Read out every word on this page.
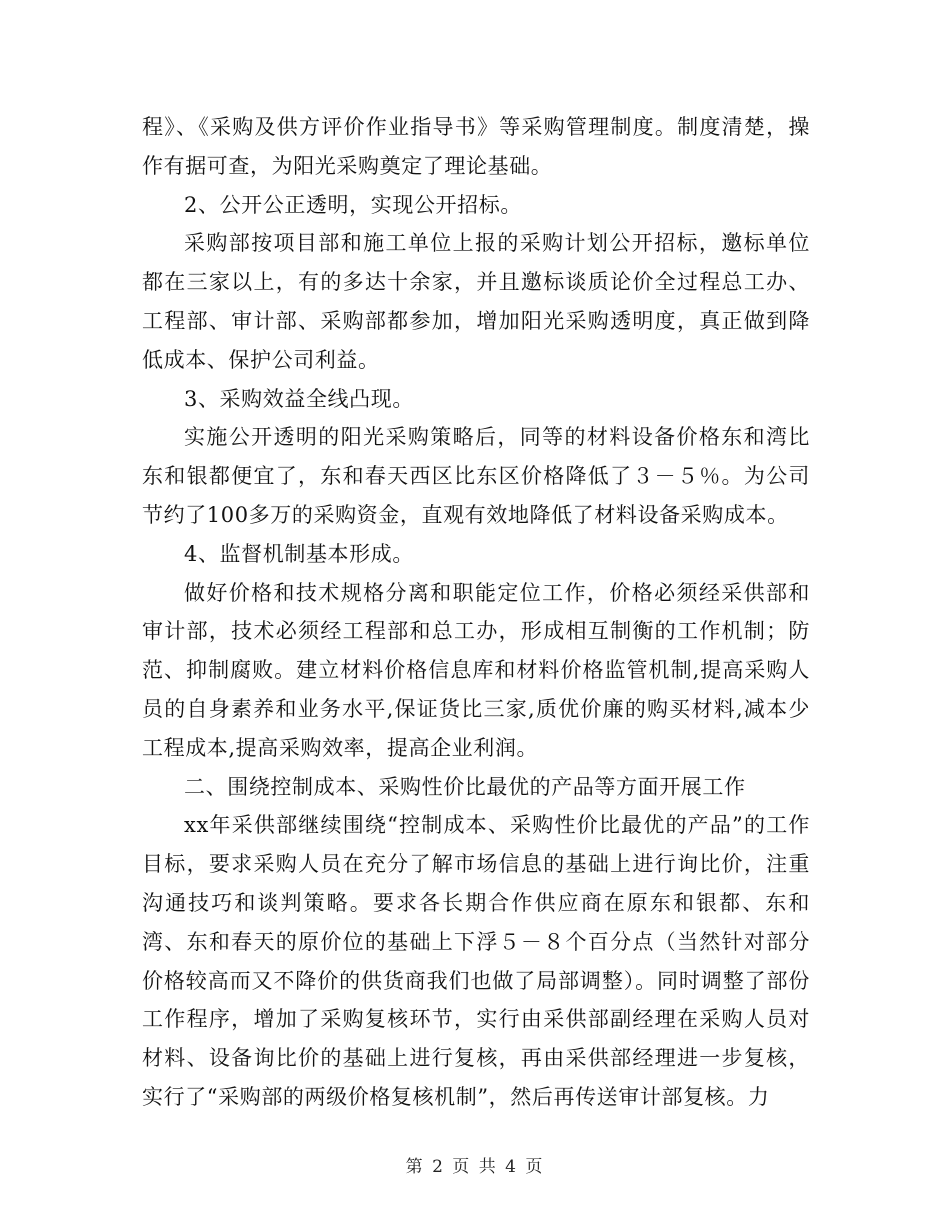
程》、《采购及供方评价作业指导书》等采购管理制度。制度清楚，操作有据可查，为阳光采购奠定了理论基础。

2、公开公正透明，实现公开招标。

采购部按项目部和施工单位上报的采购计划公开招标，邀标单位都在三家以上，有的多达十余家，并且邀标谈质论价全过程总工办、工程部、审计部、采购部都参加，增加阳光采购透明度，真正做到降低成本、保护公司利益。

3、采购效益全线凸现。

实施公开透明的阳光采购策略后，同等的材料设备价格东和湾比东和银都便宜了，东和春天西区比东区价格降低了３－５％。为公司节约了100多万的采购资金，直观有效地降低了材料设备采购成本。

4、监督机制基本形成。

做好价格和技术规格分离和职能定位工作，价格必须经采供部和审计部，技术必须经工程部和总工办，形成相互制衡的工作机制；防范、抑制腐败。建立材料价格信息库和材料价格监管机制,提高采购人员的自身素养和业务水平,保证货比三家,质优价廉的购买材料,减本少工程成本,提高采购效率，提高企业利润。

二、围绕控制成本、采购性价比最优的产品等方面开展工作

xx年采供部继续围绕“控制成本、采购性价比最优的产品”的工作目标，要求采购人员在充分了解市场信息的基础上进行询比价，注重沟通技巧和谈判策略。要求各长期合作供应商在原东和银都、东和湾、东和春天的原价位的基础上下浮５－８个百分点（当然针对部分价格较高而又不降价的供货商我们也做了局部调整）。同时调整了部份工作程序，增加了采购复核环节，实行由采供部副经理在采购人员对材料、设备询比价的基础上进行复核，再由采供部经理进一步复核，实行了“采购部的两级价格复核机制”，然后再传送审计部复核。力

第 2 页 共 4 页
